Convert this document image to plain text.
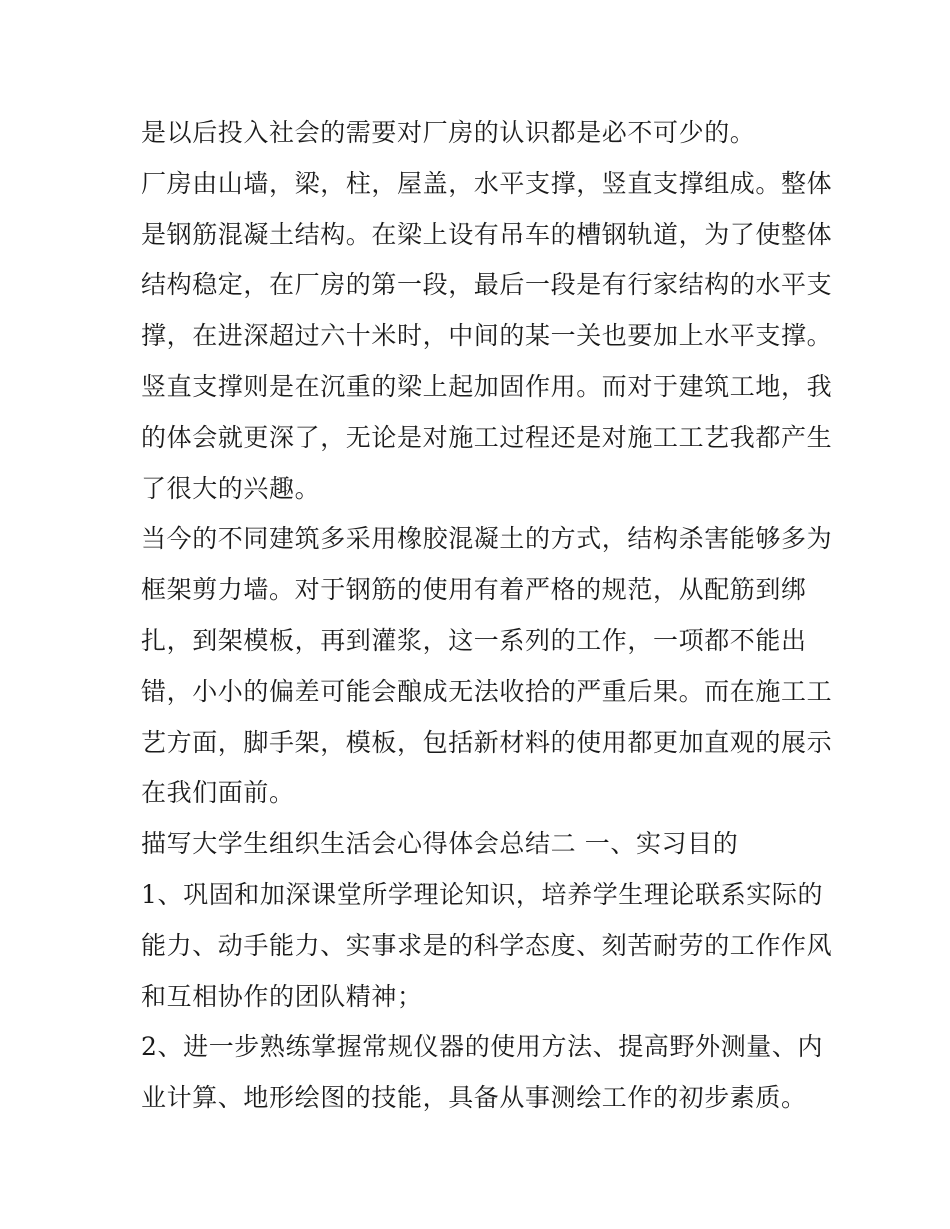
是以后投入社会的需要对厂房的认识都是必不可少的。
厂房由山墙，梁，柱，屋盖，水平支撑，竖直支撑组成。整体
是钢筋混凝土结构。在梁上设有吊车的槽钢轨道，为了使整体
结构稳定，在厂房的第一段，最后一段是有行家结构的水平支
撑，在进深超过六十米时，中间的某一关也要加上水平支撑。
竖直支撑则是在沉重的梁上起加固作用。而对于建筑工地，我
的体会就更深了，无论是对施工过程还是对施工工艺我都产生
了很大的兴趣。
当今的不同建筑多采用橡胶混凝土的方式，结构杀害能够多为
框架剪力墙。对于钢筋的使用有着严格的规范，从配筋到绑
扎，到架模板，再到灌浆，这一系列的工作，一项都不能出
错，小小的偏差可能会酿成无法收拾的严重后果。而在施工工
艺方面，脚手架，模板，包括新材料的使用都更加直观的展示
在我们面前。
描写大学生组织生活会心得体会总结二 一、实习目的
1、巩固和加深课堂所学理论知识，培养学生理论联系实际的
能力、动手能力、实事求是的科学态度、刻苦耐劳的工作作风
和互相协作的团队精神；
2、进一步熟练掌握常规仪器的使用方法、提高野外测量、内
业计算、地形绘图的技能，具备从事测绘工作的初步素质。
